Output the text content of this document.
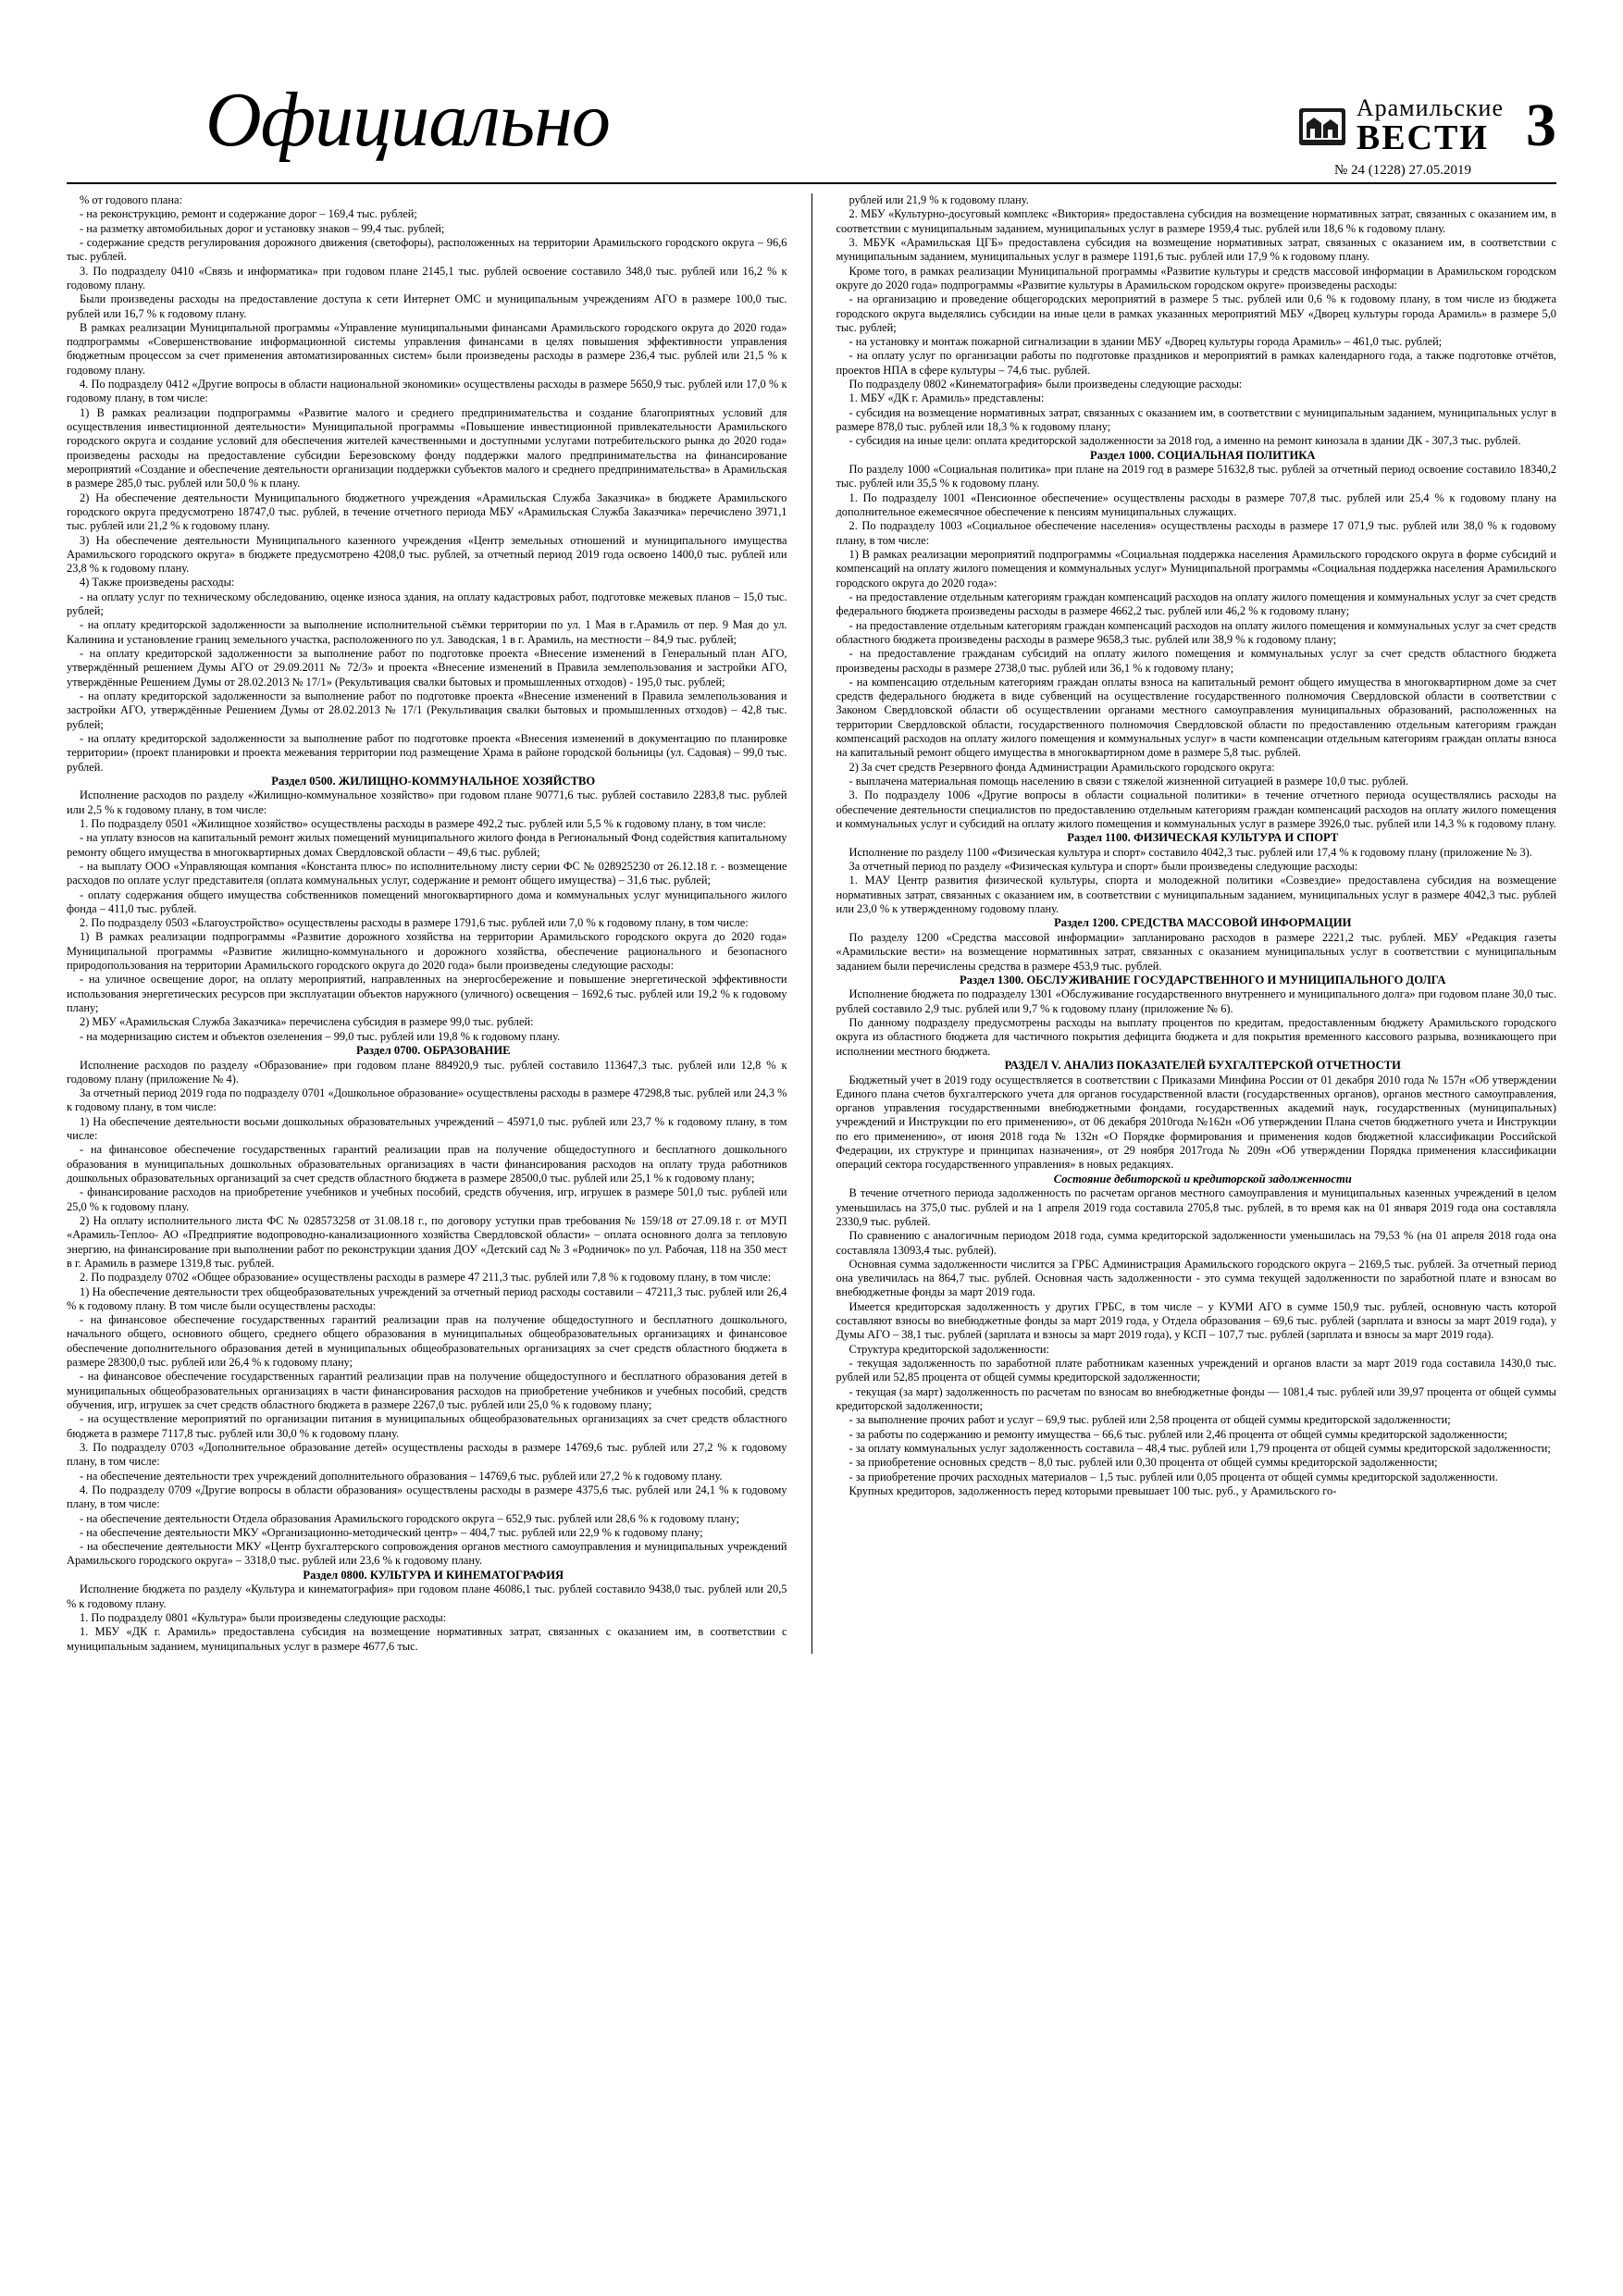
Официально	Арамильские
ВЕСТИ 3
№ 24 (1228) 27.05.2019

% от годового плана:

- на реконструкцию, ремонт и содержание дорог – 169,4 тыс. рублей;

- на разметку автомобильных дорог и установку знаков – 99,4 тыс. рублей;

- содержание средств регулирования дорожного движения (светофоры), расположенных на территории Арамильского городского округа – 96,6 тыс. рублей.

3. По подразделу 0410 «Связь и информатика» при годовом плане 2145,1 тыс. рублей освоение составило 348,0 тыс. рублей или 16,2 % к годовому плану.

Были произведены расходы на предоставление доступа к сети Интернет ОМС и муниципальным учреждениям АГО в размере 100,0 тыс. рублей или 16,7 % к годовому плану.

В рамках реализации Муниципальной программы «Управление муниципальными финансами Арамильского городского округа до 2020 года» подпрограммы «Совершенствование информационной системы управления финансами в целях повышения эффективности управления бюджетным процессом за счет применения автоматизированных систем» были произведены расходы в размере 236,4 тыс. рублей или 21,5 % к годовому плану.

4. По подразделу 0412 «Другие вопросы в области национальной экономики» осуществлены расходы в размере 5650,9 тыс. рублей или 17,0 % к годовому плану, в том числе:

1) В рамках реализации подпрограммы «Развитие малого и среднего предпринимательства и создание благоприятных условий для осуществления инвестиционной деятельности» Муниципальной программы «Повышение инвестиционной привлекательности Арамильского городского округа и создание условий для обеспечения жителей качественными и доступными услугами потребительского рынка до 2020 года» произведены расходы на предоставление субсидии Березовскому фонду поддержки малого предпринимательства на финансирование мероприятий «Создание и обеспечение деятельности организации поддержки субъектов малого и среднего предпринимательства» в Арамильская в размере 285,0 тыс. рублей или 50,0 % к плану.

2) На обеспечение деятельности Муниципального бюджетного учреждения «Арамильская Служба Заказчика» в бюджете Арамильского городского округа предусмотрено 18747,0 тыс. рублей, в течение отчетного периода МБУ «Арамильская Служба Заказчика» перечислено 3971,1 тыс. рублей или 21,2 % к годовому плану.

3) На обеспечение деятельности Муниципального казенного учреждения «Центр земельных отношений и муниципального имущества Арамильского городского округа» в бюджете предусмотрено 4208,0 тыс. рублей, за отчетный период 2019 года освоено 1400,0 тыс. рублей или 23,8 % к годовому плану.

4) Также произведены расходы:

- на оплату услуг по техническому обследованию, оценке износа здания, на оплату кадастровых работ, подготовке межевых планов – 15,0 тыс. рублей;

- на оплату кредиторской задолженности за выполнение исполнительной съёмки территории по ул. 1 Мая в г.Арамиль от пер. 9 Мая до ул. Калинина и установление границ земельного участка, расположенного по ул. Заводская, 1 в г. Арамиль, на местности – 84,9 тыс. рублей;

- на оплату кредиторской задолженности за выполнение работ по подготовке проекта «Внесение изменений в Генеральный план АГО, утверждённый решением Думы АГО от 29.09.2011 № 72/3» и проекта «Внесение изменений в Правила землепользования и застройки АГО, утверждённые Решением Думы от 28.02.2013 № 17/1» (Рекультивация свалки бытовых и промышленных отходов) - 195,0 тыс. рублей;

- на оплату кредиторской задолженности за выполнение работ по подготовке проекта «Внесение изменений в Правила землепользования и застройки АГО, утверждённые Решением Думы от 28.02.2013 № 17/1 (Рекультивация свалки бытовых и промышленных отходов) – 42,8 тыс. рублей;

- на оплату кредиторской задолженности за выполнение работ по подготовке проекта «Внесения изменений в документацию по планировке территории» (проект планировки и проекта межевания территории под размещение Храма в районе городской больницы (ул. Садовая) – 99,0 тыс. рублей.

Раздел 0500. ЖИЛИЩНО-КОММУНАЛЬНОЕ ХОЗЯЙСТВО

Исполнение расходов по разделу «Жилищно-коммунальное хозяйство» при годовом плане 90771,6 тыс. рублей составило 2283,8 тыс. рублей или 2,5 % к годовому плану, в том числе:

1. По подразделу 0501 «Жилищное хозяйство» осуществлены расходы в размере 492,2 тыс. рублей или 5,5 % к годовому плану, в том числе:

- на уплату взносов на капитальный ремонт жилых помещений муниципального жилого фонда в Региональный Фонд содействия капитальному ремонту общего имущества в многоквартирных домах Свердловской области – 49,6 тыс. рублей;

- на выплату ООО «Управляющая компания «Константа плюс» по исполнительному листу серии ФС № 028925230 от 26.12.18 г. - возмещение расходов по оплате услуг представителя (оплата коммунальных услуг, содержание и ремонт общего имущества) – 31,6 тыс. рублей;

- оплату содержания общего имущества собственников помещений многоквартирного дома и коммунальных услуг муниципального жилого фонда – 411,0 тыс. рублей.

2. По подразделу 0503 «Благоустройство» осуществлены расходы в размере 1791,6 тыс. рублей или 7,0 % к годовому плану, в том числе:

1) В рамках реализации подпрограммы «Развитие дорожного хозяйства на территории Арамильского городского округа до 2020 года» Муниципальной программы «Развитие жилищно-коммунального и дорожного хозяйства, обеспечение рационального и безопасного природопользования на территории Арамильского городского округа до 2020 года» были произведены следующие расходы:

- на уличное освещение дорог, на оплату мероприятий, направленных на энергосбережение и повышение энергетической эффективности использования энергетических ресурсов при эксплуатации объектов наружного (уличного) освещения – 1692,6 тыс. рублей или 19,2 % к годовому плану;

2) МБУ «Арамильская Служба Заказчика» перечислена субсидия в размере 99,0 тыс. рублей:

- на модернизацию систем и объектов озеленения – 99,0 тыс. рублей или 19,8 % к годовому плану.

Раздел 0700. ОБРАЗОВАНИЕ

Исполнение расходов по разделу «Образование» при годовом плане 884920,9 тыс. рублей составило 113647,3 тыс. рублей или 12,8 % к годовому плану (приложение № 4).

За отчетный период 2019 года по подразделу 0701 «Дошкольное образование» осуществлены расходы в размере 47298,8 тыс. рублей или 24,3 % к годовому плану, в том числе:

1) На обеспечение деятельности восьми дошкольных образовательных учреждений – 45971,0 тыс. рублей или 23,7 % к годовому плану, в том числе:

- на финансовое обеспечение государственных гарантий реализации прав на получение общедоступного и бесплатного дошкольного образования в муниципальных дошкольных образовательных организациях в части финансирования расходов на оплату труда работников дошкольных образовательных организаций за счет средств областного бюджета в размере 28500,0 тыс. рублей или 25,1 % к годовому плану;

- финансирование расходов на приобретение учебников и учебных пособий, средств обучения, игр, игрушек в размере 501,0 тыс. рублей или 25,0 % к годовому плану.

2) На оплату исполнительного листа ФС № 028573258 от 31.08.18 г., по договору уступки прав требования № 159/18 от 27.09.18 г. от МУП «Арамиль-Теплоо- АО «Предприятие водопроводно-канализационного хозяйства Свердловской области» – оплата основного долга за тепловую энергию, на финансирование при выполнении работ по реконструкции здания ДОУ «Детский сад № 3 «Родничок» по ул. Рабочая, 118 на 350 мест в г. Арамиль в размере 1319,8 тыс. рублей.

2. По подразделу 0702 «Общее образование» осуществлены расходы в размере 47 211,3 тыс. рублей или 7,8 % к годовому плану, в том числе:

1) На обеспечение деятельности трех общеобразовательных учреждений за отчетный период расходы составили – 47211,3 тыс. рублей или 26,4 % к годовому плану. В том числе были осуществлены расходы:

- на финансовое обеспечение государственных гарантий реализации прав на получение общедоступного и бесплатного дошкольного, начального общего, основного общего, среднего общего образования в муниципальных общеобразовательных организациях и финансовое обеспечение дополнительного образования детей в муниципальных общеобразовательных организациях за счет средств областного бюджета в размере 28300,0 тыс. рублей или 26,4 % к годовому плану;

- на финансовое обеспечение государственных гарантий реализации прав на получение общедоступного и бесплатного образования детей в муниципальных общеобразовательных организациях в части финансирования расходов на приобретение учебников и учебных пособий, средств обучения, игр, игрушек за счет средств областного бюджета в размере 2267,0 тыс. рублей или 25,0 % к годовому плану;

- на осуществление мероприятий по организации питания в муниципальных общеобразовательных организациях за счет средств областного бюджета в размере 7117,8 тыс. рублей или 30,0 % к годовому плану.

3. По подразделу 0703 «Дополнительное образование детей» осуществлены расходы в размере 14769,6 тыс. рублей или 27,2 % к годовому плану, в том числе:

- на обеспечение деятельности трех учреждений дополнительного образования – 14769,6 тыс. рублей или 27,2 % к годовому плану.

4. По подразделу 0709 «Другие вопросы в области образования» осуществлены расходы в размере 4375,6 тыс. рублей или 24,1 % к годовому плану, в том числе:

- на обеспечение деятельности Отдела образования Арамильского городского округа – 652,9 тыс. рублей или 28,6 % к годовому плану;

- на обеспечение деятельности МКУ «Организационно-методический центр» – 404,7 тыс. рублей или 22,9 % к годовому плану;

- на обеспечение деятельности МКУ «Центр бухгалтерского сопровождения органов местного самоуправления и муниципальных учреждений Арамильского городского округа» – 3318,0 тыс. рублей или 23,6 % к годовому плану.

Раздел 0800. КУЛЬТУРА И КИНЕМАТОГРАФИЯ

Исполнение бюджета по разделу «Культура и кинематография» при годовом плане 46086,1 тыс. рублей составило 9438,0 тыс. рублей или 20,5 % к годовому плану.

1. По подразделу 0801 «Культура» были произведены следующие расходы:

1. МБУ «ДК г. Арамиль» предоставлена субсидия на возмещение нормативных затрат, связанных с оказанием им, в соответствии с муниципальным заданием, муниципальных услуг в размере 4677,6 тыс.

рублей или 21,9 % к годовому плану.

2. МБУ «Культурно-досуговый комплекс «Виктория» предоставлена субсидия на возмещение нормативных затрат, связанных с оказанием им, в соответствии с муниципальным заданием, муниципальных услуг в размере 1959,4 тыс. рублей или 18,6 % к годовому плану.

3. МБУК «Арамильская ЦГБ» предоставлена субсидия на возмещение нормативных затрат, связанных с оказанием им, в соответствии с муниципальным заданием, муниципальных услуг в размере 1191,6 тыс. рублей или 17,9 % к годовому плану.

Кроме того, в рамках реализации Муниципальной программы «Развитие культуры и средств массовой информации в Арамильском городском округе до 2020 года» подпрограммы «Развитие культуры в Арамильском городском округе» произведены расходы:

- на организацию и проведение общегородских мероприятий в размере 5 тыс. рублей или 0,6 % к годовому плану, в том числе из бюджета городского округа выделялись субсидии на иные цели в рамках указанных мероприятий МБУ «Дворец культуры города Арамиль» в размере 5,0 тыс. рублей;

- на установку и монтаж пожарной сигнализации в здании МБУ «Дворец культуры города Арамиль» – 461,0 тыс. рублей;

- на оплату услуг по организации работы по подготовке праздников и мероприятий в рамках календарного года, а также подготовке отчётов, проектов НПА в сфере культуры – 74,6 тыс. рублей.

По подразделу 0802 «Кинематография» были произведены следующие расходы:

1. МБУ «ДК г. Арамиль» представлены:

- субсидия на возмещение нормативных затрат, связанных с оказанием им, в соответствии с муниципальным заданием, муниципальных услуг в размере 878,0 тыс. рублей или 18,3 % к годовому плану;

- субсидия на иные цели: оплата кредиторской задолженности за 2018 год, а именно на ремонт кинозала в здании ДК - 307,3 тыс. рублей.

Раздел 1000. СОЦИАЛЬНАЯ ПОЛИТИКА

По разделу 1000 «Социальная политика» при плане на 2019 год в размере 51632,8 тыс. рублей за отчетный период освоение составило 18340,2 тыс. рублей или 35,5 % к годовому плану.

1. По подразделу 1001 «Пенсионное обеспечение» осуществлены расходы в размере 707,8 тыс. рублей или 25,4 % к годовому плану на дополнительное ежемесячное обеспечение к пенсиям муниципальных служащих.

2. По подразделу 1003 «Социальное обеспечение населения» осуществлены расходы в размере 17 071,9 тыс. рублей или 38,0 % к годовому плану, в том числе:

1) В рамках реализации мероприятий подпрограммы «Социальная поддержка населения Арамильского городского округа в форме субсидий и компенсаций на оплату жилого помещения и коммунальных услуг» Муниципальной программы «Социальная поддержка населения Арамильского городского округа до 2020 года»:

- на предоставление отдельным категориям граждан компенсаций расходов на оплату жилого помещения и коммунальных услуг за счет средств федерального бюджета произведены расходы в размере 4662,2 тыс. рублей или 46,2 % к годовому плану;

- на предоставление отдельным категориям граждан компенсаций расходов на оплату жилого помещения и коммунальных услуг за счет средств областного бюджета произведены расходы в размере 9658,3 тыс. рублей или 38,9 % к годовому плану;

- на предоставление гражданам субсидий на оплату жилого помещения и коммунальных услуг за счет средств областного бюджета произведены расходы в размере 2738,0 тыс. рублей или 36,1 % к годовому плану;

- на компенсацию отдельным категориям граждан оплаты взноса на капитальный ремонт общего имущества в многоквартирном доме за счет средств федерального бюджета в виде субвенций на осуществление государственного полномочия Свердловской области в соответствии с Законом Свердловской области об осуществлении органами местного самоуправления муниципальных образований, расположенных на территории Свердловской области, государственного полномочия Свердловской области по предоставлению отдельным категориям граждан компенсаций расходов на оплату жилого помещения и коммунальных услуг» в части компенсации отдельным категориям граждан оплаты взноса на капитальный ремонт общего имущества в многоквартирном доме в размере 5,8 тыс. рублей.

2) За счет средств Резервного фонда Администрации Арамильского городского округа:

- выплачена материальная помощь населению в связи с тяжелой жизненной ситуацией в размере 10,0 тыс. рублей.

3. По подразделу 1006 «Другие вопросы в области социальной политики» в течение отчетного периода осуществлялись расходы на обеспечение деятельности специалистов по предоставлению отдельным категориям граждан компенсаций расходов на оплату жилого помещения и коммунальных услуг и субсидий на оплату жилого помещения и коммунальных услуг в размере 3926,0 тыс. рублей или 14,3 % к годовому плану.

Раздел 1100. ФИЗИЧЕСКАЯ КУЛЬТУРА И СПОРТ

Исполнение по разделу 1100 «Физическая культура и спорт» составило 4042,3 тыс. рублей или 17,4 % к годовому плану (приложение № 3).

За отчетный период по разделу «Физическая культура и спорт» были произведены следующие расходы:

1. МАУ Центр развития физической культуры, спорта и молодежной политики «Созвездие» предоставлена субсидия на возмещение нормативных затрат, связанных с оказанием им, в соответствии с муниципальным заданием, муниципальных услуг в размере 4042,3 тыс. рублей или 23,0 % к утвержденному годовому плану.

Раздел 1200. СРЕДСТВА МАССОВОЙ ИНФОРМАЦИИ

По разделу 1200 «Средства массовой информации» запланировано расходов в размере 2221,2 тыс. рублей. МБУ «Редакция газеты «Арамильские вести» на возмещение нормативных затрат, связанных с оказанием муниципальных услуг в соответствии с муниципальным заданием были перечислены средства в размере 453,9 тыс. рублей.

Раздел 1300. ОБСЛУЖИВАНИЕ ГОСУДАРСТВЕННОГО И МУНИЦИПАЛЬНОГО ДОЛГА

Исполнение бюджета по подразделу 1301 «Обслуживание государственного внутреннего и муниципального долга» при годовом плане 30,0 тыс. рублей составило 2,9 тыс. рублей или 9,7 % к годовому плану (приложение № 6).

По данному подразделу предусмотрены расходы на выплату процентов по кредитам, предоставленным бюджету Арамильского городского округа из областного бюджета для частичного покрытия дефицита бюджета и для покрытия временного кассового разрыва, возникающего при исполнении местного бюджета.

РАЗДЕЛ V. АНАЛИЗ ПОКАЗАТЕЛЕЙ БУХГАЛТЕРСКОЙ ОТЧЕТНОСТИ

Бюджетный учет в 2019 году осуществляется в соответствии с Приказами Минфина России от 01 декабря 2010 года № 157н «Об утверждении Единого плана счетов бухгалтерского учета для органов государственной власти (государственных органов), органов местного самоуправления, органов управления государственными внебюджетными фондами, государственных академий наук, государственных (муниципальных) учреждений и Инструкции по его применению», от 06 декабря 2010года №162н «Об утверждении Плана счетов бюджетного учета и Инструкции по его применению», от июня 2018 года № 132н «О Порядке формирования и применения кодов бюджетной классификации Российской Федерации, их структуре и принципах назначения», от 29 ноября 2017года № 209н «Об утверждении Порядка применения классификации операций сектора государственного управления» в новых редакциях.

Состояние дебиторской и кредиторской задолженности

В течение отчетного периода задолженность по расчетам органов местного самоуправления и муниципальных казенных учреждений в целом уменьшилась на 375,0 тыс. рублей и на 1 апреля 2019 года составила 2705,8 тыс. рублей, в то время как на 01 января 2019 года она составляла 2330,9 тыс. рублей.

По сравнению с аналогичным периодом 2018 года, сумма кредиторской задолженности уменьшилась на 79,53 % (на 01 апреля 2018 года она составляла 13093,4 тыс. рублей).

Основная сумма задолженности числится за ГРБС Администрация Арамильского городского округа – 2169,5 тыс. рублей. За отчетный период она увеличилась на 864,7 тыс. рублей. Основная часть задолженности - это сумма текущей задолженности по заработной плате и взносам во внебюджетные фонды за март 2019 года.

Имеется кредиторская задолженность у других ГРБС, в том числе – у КУМИ АГО в сумме 150,9 тыс. рублей, основную часть которой составляют взносы во внебюджетные фонды за март 2019 года, у Отдела образования – 69,6 тыс. рублей (зарплата и взносы за март 2019 года), у Думы АГО – 38,1 тыс. рублей (зарплата и взносы за март 2019 года), у КСП – 107,7 тыс. рублей (зарплата и взносы за март 2019 года).

Структура кредиторской задолженности:

- текущая задолженность по заработной плате работникам казенных учреждений и органов власти за март 2019 года составила 1430,0 тыс. рублей или 52,85 процента от общей суммы кредиторской задолженности;

- текущая (за март) задолженность по расчетам по взносам во внебюджетные фонды — 1081,4 тыс. рублей или 39,97 процента от общей суммы кредиторской задолженности;

- за выполнение прочих работ и услуг – 69,9 тыс. рублей или 2,58 процента от общей суммы кредиторской задолженности;

- за работы по содержанию и ремонту имущества – 66,6 тыс. рублей или 2,46 процента от общей суммы кредиторской задолженности;

- за оплату коммунальных услуг задолженность составила – 48,4 тыс. рублей или 1,79 процента от общей суммы кредиторской задолженности;

- за приобретение основных средств – 8,0 тыс. рублей или 0,30 процента от общей суммы кредиторской задолженности;

- за приобретение прочих расходных материалов – 1,5 тыс. рублей или 0,05 процента от общей суммы кредиторской задолженности.

Крупных кредиторов, задолженность перед которыми превышает 100 тыс. руб., у Арамильского го-
